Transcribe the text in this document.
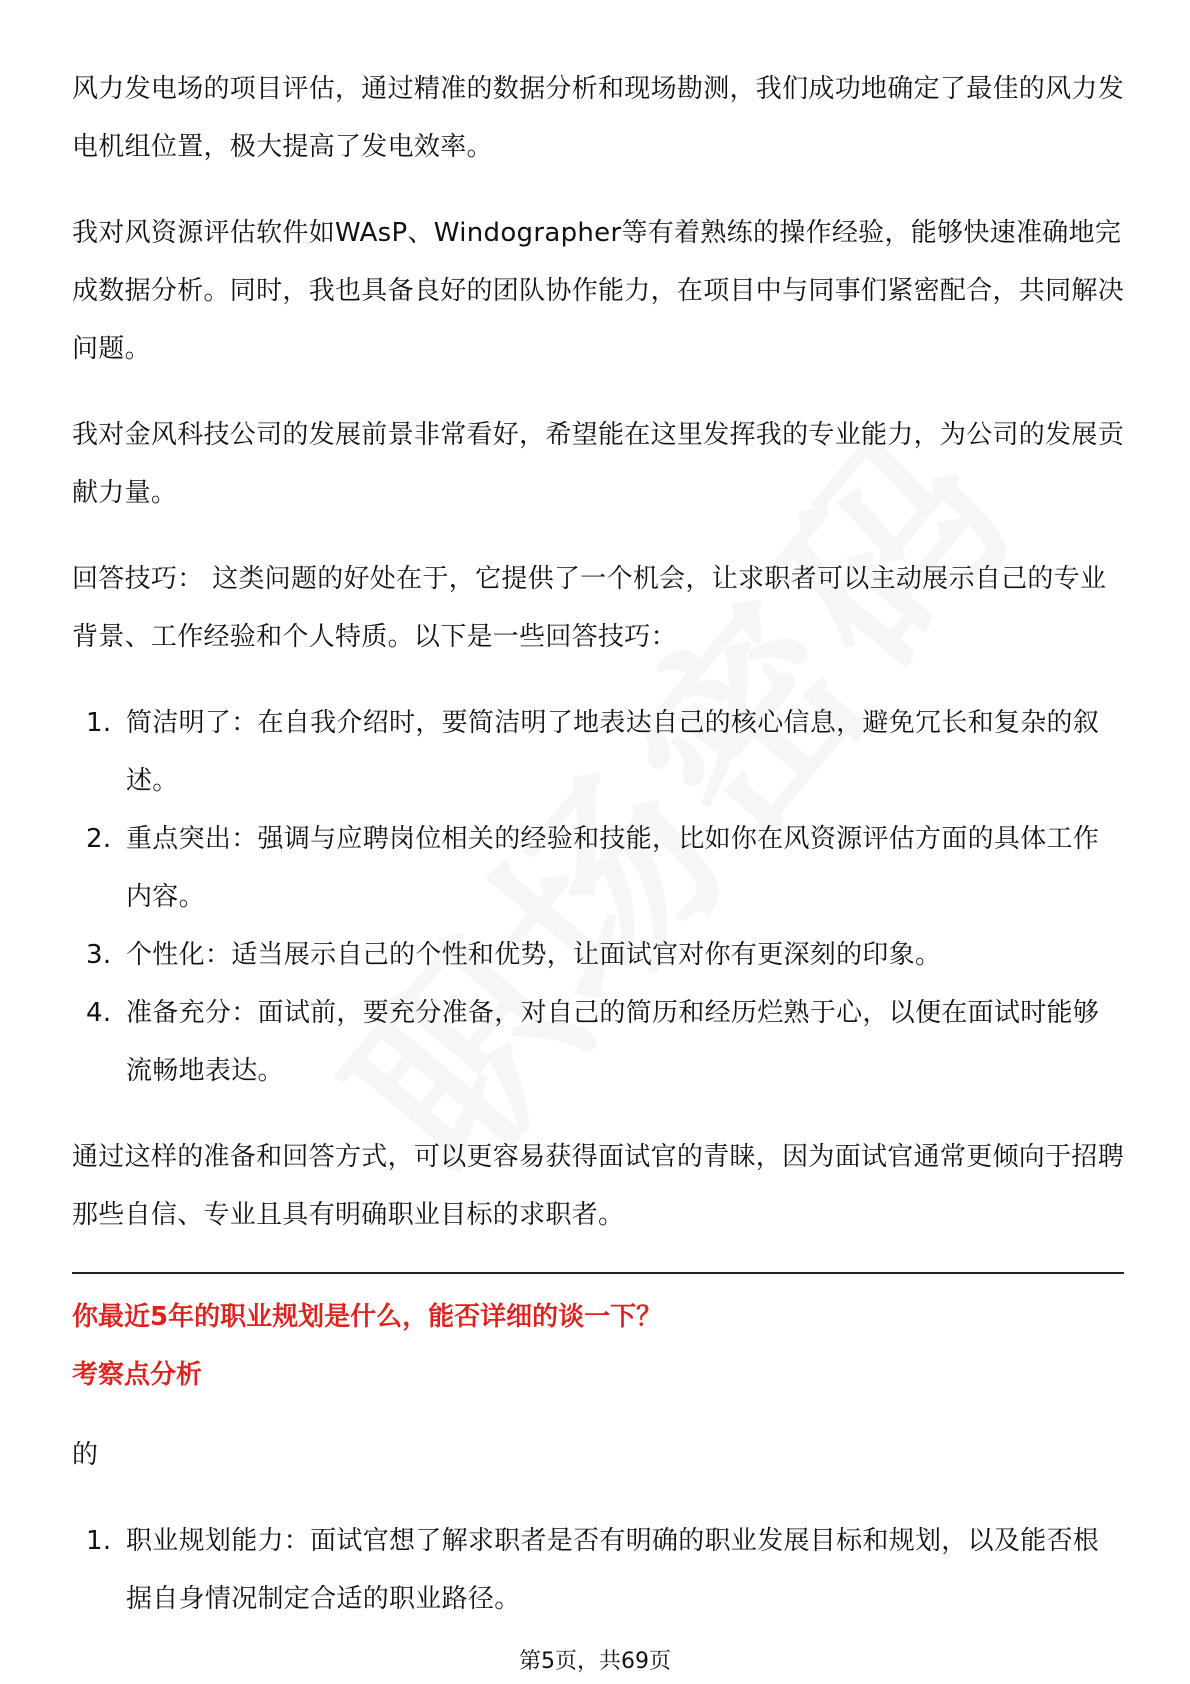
风力发电场的项目评估，通过精准的数据分析和现场勘测，我们成功地确定了最佳的风力发电机组位置，极大提高了发电效率。

我对风资源评估软件如WAsP、Windographer等有着熟练的操作经验，能够快速准确地完成数据分析。同时，我也具备良好的团队协作能力，在项目中与同事们紧密配合，共同解决问题。

我对金风科技公司的发展前景非常看好，希望能在这里发挥我的专业能力，为公司的发展贡献力量。

回答技巧： 这类问题的好处在于，它提供了一个机会，让求职者可以主动展示自己的专业背景、工作经验和个人特质。以下是一些回答技巧：

1. 简洁明了：在自我介绍时，要简洁明了地表达自己的核心信息，避免冗长和复杂的叙述。
2. 重点突出：强调与应聘岗位相关的经验和技能，比如你在风资源评估方面的具体工作内容。
3. 个性化：适当展示自己的个性和优势，让面试官对你有更深刻的印象。
4. 准备充分：面试前，要充分准备，对自己的简历和经历烂熟于心，以便在面试时能够流畅地表达。

通过这样的准备和回答方式，可以更容易获得面试官的青睐，因为面试官通常更倾向于招聘那些自信、专业且具有明确职业目标的求职者。

你最近5年的职业规划是什么，能否详细的谈一下？

考察点分析

的

1. 职业规划能力：面试官想了解求职者是否有明确的职业发展目标和规划，以及能否根据自身情况制定合适的职业路径。
第5页，共69页
